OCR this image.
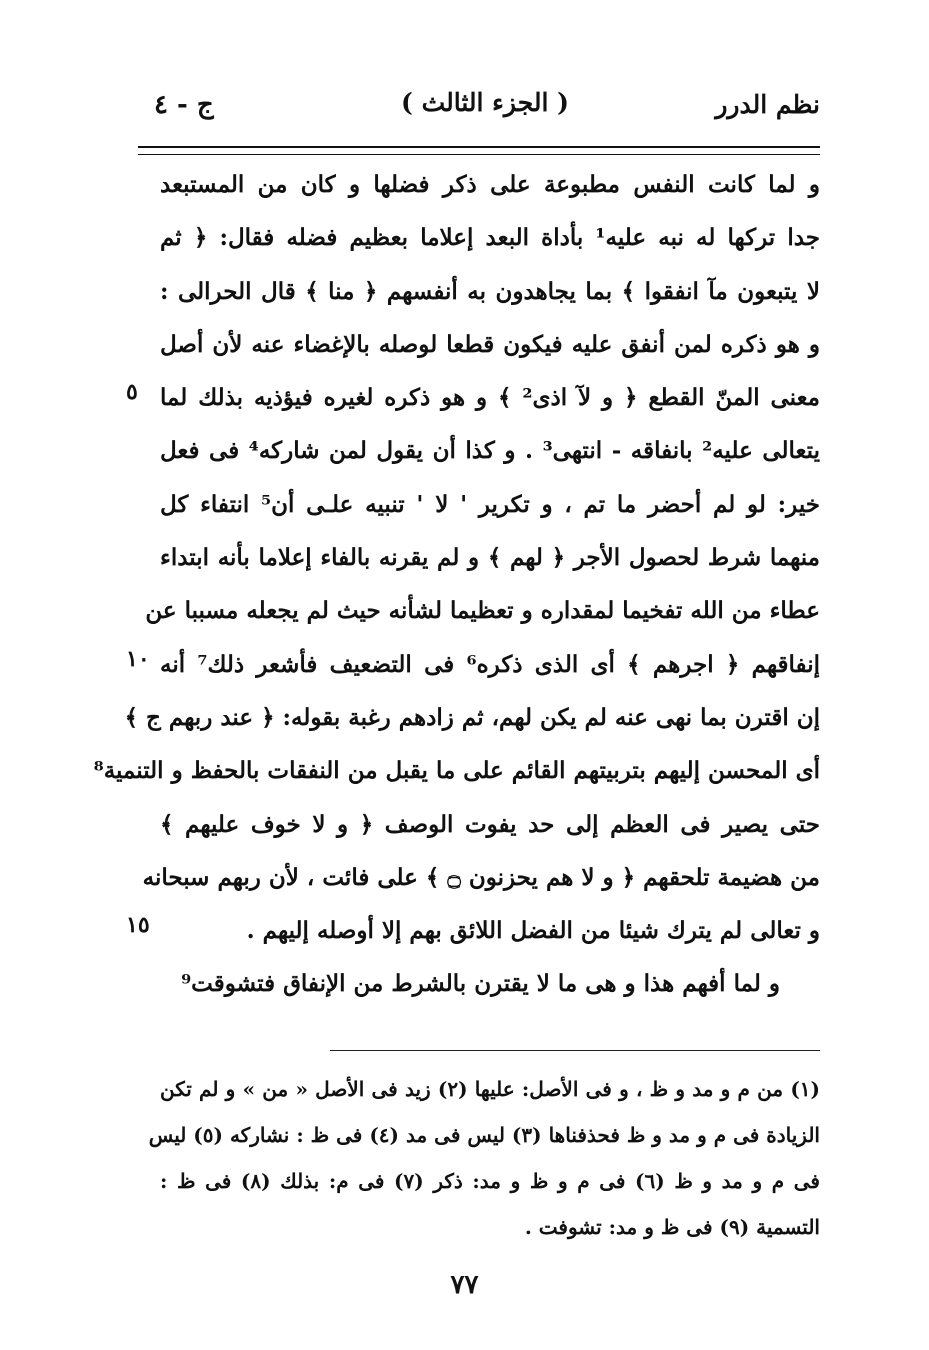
نظم الدرر
( الجزء الثالث )
ج - ٤
و لما كانت النفس مطبوعة على ذكر فضلها و كان من المستبعد
جدا تركها له نبه عليه¹ بأداة البعد إعلاما بعظيم فضله فقال: ﴿ ثم
لا يتبعون مآ انفقوا ﴾ بما يجاهدون به أنفسهم ﴿ منا ﴾ قال الحرالى :
و هو ذكره لمن أنفق عليه فيكون قطعا لوصله بالإغضاء عنه لأن أصل
معنى المنّ القطع ﴿ و لآ اذى² ﴾ و هو ذكره لغيره فيؤذيه بذلك لما
يتعالى عليه² بانفاقه - انتهى³ . و كذا أن يقول لمن شاركه⁴ فى فعل
خير: لو لم أحضر ما تم ، و تكرير ' لا ' تنبيه علـى أن⁵ انتفاء كل
منهما شرط لحصول الأجر ﴿ لهم ﴾ و لم يقرنه بالفاء إعلاما بأنه ابتداء
عطاء من الله تفخيما لمقداره و تعظيما لشأنه حيث لم يجعله مسببا عن
إنفاقهم ﴿ اجرهم ﴾ أى الذى ذكره⁶ فى التضعيف فأشعر ذلك⁷ أنه
إن اقترن بما نهى عنه لم يكن لهم، ثم زادهم رغبة بقوله: ﴿ عند ربهم ج ﴾
أى المحسن إليهم بتربيتهم القائم على ما يقبل من النفقات بالحفظ و التنمية⁸
حتى يصير فى العظم إلى حد يفوت الوصف ﴿ و لا خوف عليهم ﴾
من هضيمة تلحقهم ﴿ و لا هم يحزنون ۝ ﴾ على فائت ، لأن ربهم سبحانه
و تعالى لم يترك شيئا من الفضل اللائق بهم إلا أوصله إليهم .
و لما أفهم هذا و هى ما لا يقترن بالشرط من الإنفاق فتشوقت⁹
٥
١٠
١٥
(١) من م و مد و ظ ، و فى الأصل: عليها (٢) زيد فى الأصل « من » و لم تكن
الزيادة فى م و مد و ظ فحذفناها (٣) ليس فى مد (٤) فى ظ : نشاركه (٥) ليس
فى م و مد و ظ (٦) فى م و ظ و مد: ذكر (٧) فى م: بذلك (٨) فى ظ :
التسمية (٩) فى ظ و مد: تشوفت .
٧٧
